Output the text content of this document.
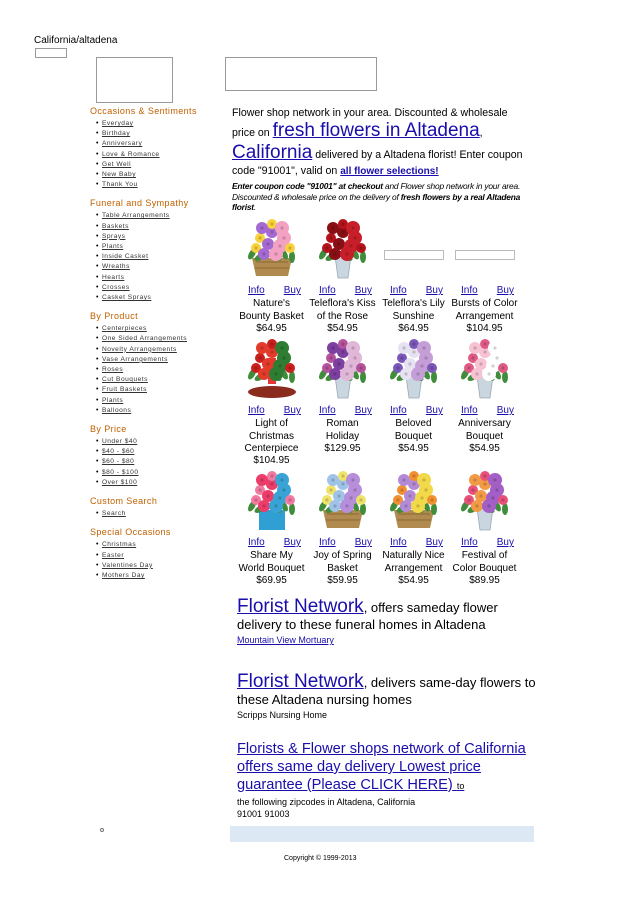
California/altadena
Occasions & Sentiments
• Everyday
• Birthday
• Anniversary
• Love & Romance
• Get Well
• New Baby
• Thank You
Funeral and Sympathy
• Table Arrangements
• Baskets
• Sprays
• Plants
• Inside Casket
• Wreaths
• Hearts
• Crosses
• Casket Sprays
By Product
• Centerpieces
• One Sided Arrangements
• Novelty Arrangements
• Vase Arrangements
• Roses
• Cut Bouquets
• Fruit Baskets
• Plants
• Balloons
By Price
• Under $40
• $40 - $60
• $60 - $80
• $80 - $100
• Over $100
Custom Search
• Search
Special Occasions
• Christmas
• Easter
• Valentines Day
• Mothers Day
Flower shop network in your area. Discounted & wholesale price on fresh flowers in Altadena, California delivered by a Altadena florist! Enter coupon code "91001", valid on all flower selections!
Enter coupon code "91001" at checkout and Flower shop network in your area. Discounted & wholesale price on the delivery of fresh flowers by a real Altadena florist.
Info Buy
Nature's Bounty Basket
$64.95
Info Buy
Teleflora's Kiss of the Rose
$54.95
Info Buy
Teleflora's Lily Sunshine
$64.95
Info Buy
Bursts of Color Arrangement
$104.95
Info Buy
Light of Christmas Centerpiece
$104.95
Info Buy
Roman Holiday
$129.95
Info Buy
Beloved Bouquet
$54.95
Info Buy
Anniversary Bouquet
$54.95
Info Buy
Share My World Bouquet
$69.95
Info Buy
Joy of Spring Basket
$59.95
Info Buy
Naturally Nice Arrangement
$54.95
Info Buy
Festival of Color Bouquet
$89.95
Florist Network, offers sameday flower delivery to these funeral homes in Altadena
Mountain View Mortuary
Florist Network, delivers same-day flowers to these Altadena nursing homes
Scripps Nursing Home
Florists & Flower shops network of California offers same day delivery Lowest price guarantee (Please CLICK HERE) to
the following zipcodes in Altadena, California
91001 91003
Copyright © 1999-2013
